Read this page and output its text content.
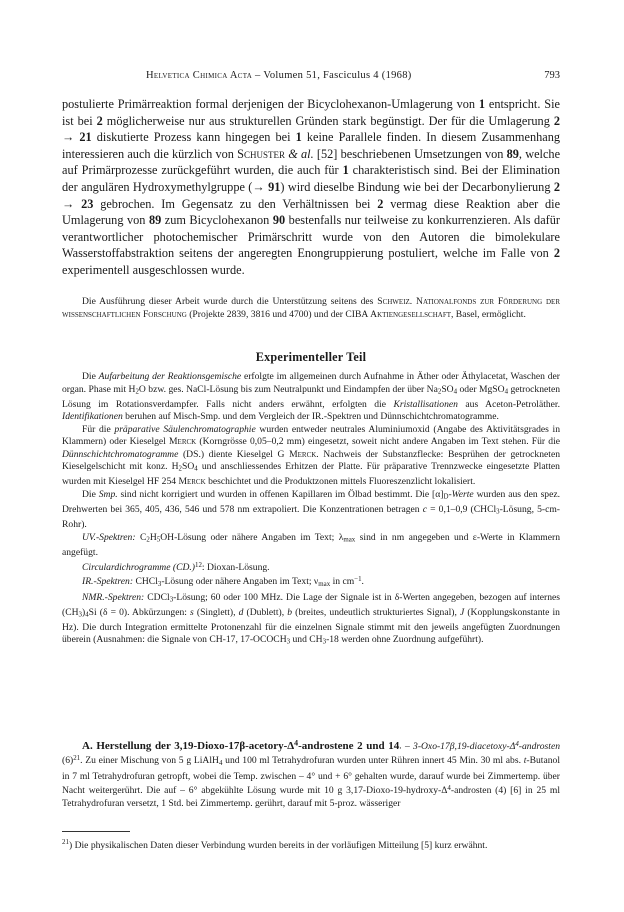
Helvetica Chimica Acta – Volumen 51, Fasciculus 4 (1968)	793

postulierte Primärreaktion formal derjenigen der Bicyclohexanon-Umlagerung von 1 entspricht. Sie ist bei 2 möglicherweise nur aus strukturellen Gründen stark begünstigt. Der für die Umlagerung 2 → 21 diskutierte Prozess kann hingegen bei 1 keine Parallele finden. In diesem Zusammenhang interessieren auch die kürzlich von Schuster & al. [52] beschriebenen Umsetzungen von 89, welche auf Primärprozesse zurückgeführt wurden, die auch für 1 charakteristisch sind. Bei der Elimination der angulären Hydroxymethylgruppe (→ 91) wird dieselbe Bindung wie bei der Decarbonylierung 2 → 23 gebrochen. Im Gegensatz zu den Verhältnissen bei 2 vermag diese Reaktion aber die Umlagerung von 89 zum Bicyclohexanon 90 bestenfalls nur teilweise zu konkurrenzieren. Als dafür verantwortlicher photochemischer Primärschritt wurde von den Autoren die bimolekulare Wasserstoffabstraktion seitens der angeregten Enongruppierung postuliert, welche im Falle von 2 experimentell ausgeschlossen wurde.

Die Ausführung dieser Arbeit wurde durch die Unterstützung seitens des Schweiz. Nationalfonds zur Förderung der wissenschaftlichen Forschung (Projekte 2839, 3816 und 4700) und der CIBA Aktiengesellschaft, Basel, ermöglicht.

Experimenteller Teil

Die Aufarbeitung der Reaktionsgemische erfolgte im allgemeinen durch Aufnahme in Äther oder Äthylacetat, Waschen der organ. Phase mit $H_2O$ bzw. ges. NaCl-Lösung bis zum Neutralpunkt und Eindampfen der über $Na_2SO_4$ oder MgSO$_4$ getrockneten Lösung im Rotationsverdampfer. Falls nicht anders erwähnt, erfolgten die Kristallisationen aus Aceton-Petroläther. Identifikationen beruhen auf Misch-Smp. und dem Vergleich der IR.-Spektren und Dünnschichtchromatogramme.

Für die präparative Säulenchromatographie wurden entweder neutrales Aluminiumoxid (Angabe des Aktivitätsgrades in Klammern) oder Kieselgel Merck (Korngrösse 0,05–0,2 mm) eingesetzt, soweit nicht andere Angaben im Text stehen. Für die Dünnschichtchromatogramme (DS.) diente Kieselgel G Merck. Nachweis der Substanzflecke: Besprühen der getrockneten Kieselgelschicht mit konz. $H_2SO_4$ und anschliessendes Erhitzen der Platte. Für präparative Trennzwecke eingesetzte Platten wurden mit Kieselgel HF 254 Merck beschichtet und die Produktzonen mittels Fluoreszenzlicht lokalisiert.

Die Smp. sind nicht korrigiert und wurden in offenen Kapillaren im Ölbad bestimmt. Die $[\alpha]_D$-Werte wurden aus den spez. Drehwerten bei 365, 405, 436, 546 und 578 nm extrapoliert. Die Konzentrationen betragen c = 0,1–0,9 (CHCl$_3$-Lösung, 5-cm-Rohr).

UV.-Spektren: $C_2H_5OH$-Lösung oder nähere Angaben im Text; $\lambda_{max}$ sind in nm angegeben und ε-Werte in Klammern angefügt.

Circulardichrogramme $(CD.)^{12}$: Dioxan-Lösung.

IR.-Spektren: CHCl$_3$-Lösung oder nähere Angaben im Text; $\nu_{max}$ in $cm^{-1}$.

NMR.-Spektren: CDCl$_3$-Lösung; 60 oder 100 MHz. Die Lage der Signale ist in δ-Werten angegeben, bezogen auf internes $(CH_3)_4Si$ (δ = 0). Abkürzungen: s (Singlett), d (Dublett), b (breites, undeutlich strukturiertes Signal), J (Kopplungskonstante in Hz). Die durch Integration ermittelte Protonenzahl für die einzelnen Signale stimmt mit den jeweils angefügten Zuordnungen überein (Ausnahmen: die Signale von CH-17, $17-OCOCH_3$ und $CH_3-18$ werden ohne Zuordnung aufgeführt).

A. Herstellung der $3,19-Dioxo-17\beta-acetory-\Delta^4$-androstene 2 und 14. – $3-Oxo-17\beta,19-diacetoxy-\Delta^4$-androsten $(6)^{21}$. Zu einer Mischung von 5 g LiAlH$_4$ und 100 ml Tetrahydrofuran wurden unter Rühren innert 45 Min. 30 ml abs. t-Butanol in 7 ml Tetrahydrofuran getropft, wobei die Temp. zwischen – 4° und + 6° gehalten wurde, darauf wurde bei Zimmertemp. über Nacht weitergerührt. Die auf – 6° abgekühlte Lösung wurde mit 10 g $3,17-Dioxo-19-hydroxy-\Delta^4$-androsten (4) [6] in 25 ml Tetrahydrofuran versetzt, 1 Std. bei Zimmertemp. gerührt, darauf mit 5-proz. wässeriger

$^{21}$) Die physikalischen Daten dieser Verbindung wurden bereits in der vorläufigen Mitteilung [5] kurz erwähnt.
